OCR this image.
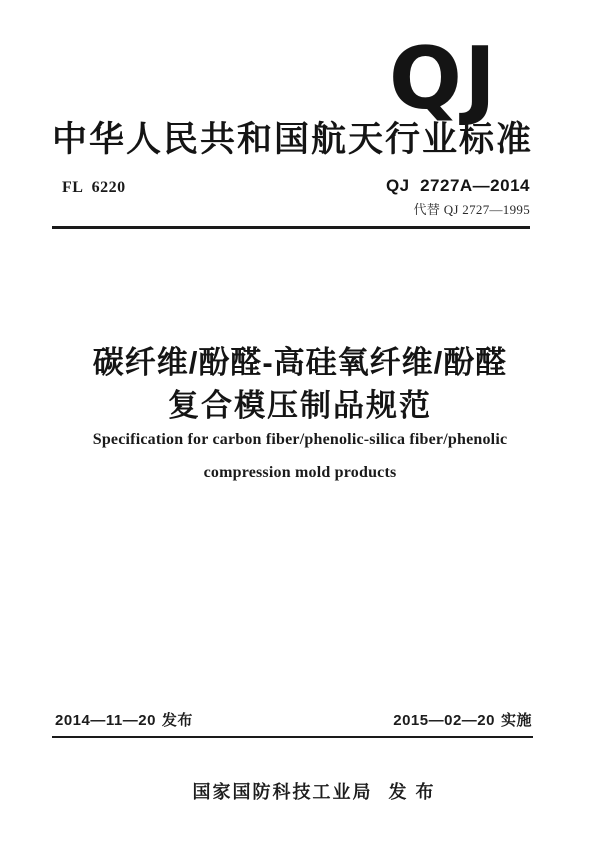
QJ
中华人民共和国航天行业标准
FL  6220	QJ  2727A—2014
代替 QJ 2727—1995
碳纤维/酚醛-高硅氧纤维/酚醛
复合模压制品规范
Specification for carbon fiber/phenolic-silica fiber/phenolic
compression mold products
2014—11—20 发布	2015—02—20 实施

国家国防科技工业局 发 布
